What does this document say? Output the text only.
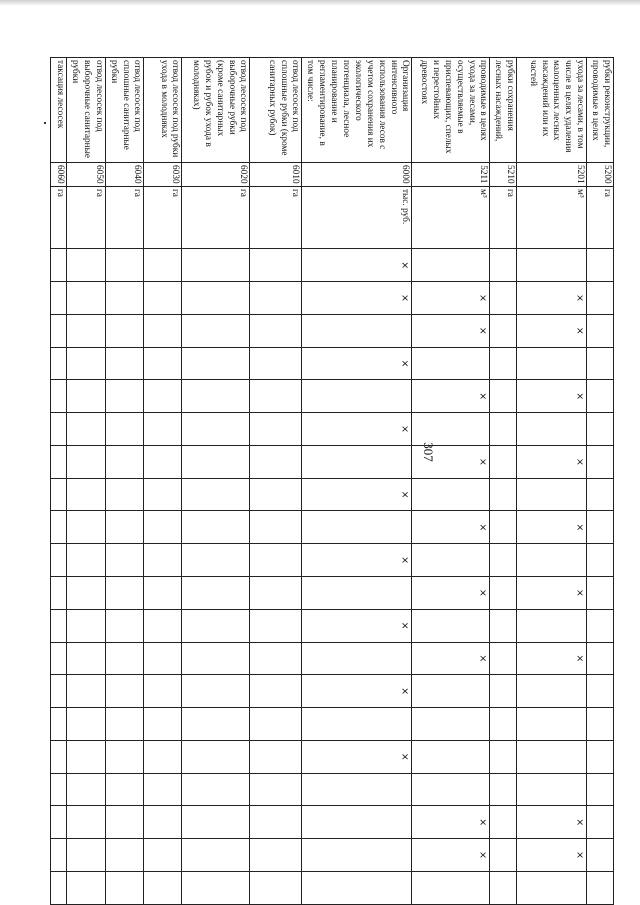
307
рубки реконструкции, проводимые в целях	5200	га																				
ухода за лесами, в том числе в целях удаления малоценных лесных насаждений или их частей	5201	м³		×	×		×		×		×		×		×					×	×	
рубки сохранения лесных насаждений,	5210	га																				
проводимые в целях ухода за лесами, осуществляемые в приспевающих, спелых и перестойных древостоях	5211	м³		×	×		×		×		×		×		×					×	×	
Организация интенсивного использования лесов с учетом сохранения их экологического потенциала, лесное планирование и регламентирование, в том числе:	6000	тыс. руб.	×	×		×		×		×		×		×		×		×				
отвод лесосек под сплошные рубки (кроме санитарных рубок)	6010	га																				
отвод лесосек под выборочные рубки (кроме санитарных рубок и рубок ухода в молодняках)	6020	га																				
отвод лесосек под рубки ухода в молодняках	6030	га																				
отвод лесосек под сплошные санитарные рубки	6040	га																				
отвод лесосек под выборочные санитарные рубки	6050	га																				
таксация лесосек	6060	га																				
